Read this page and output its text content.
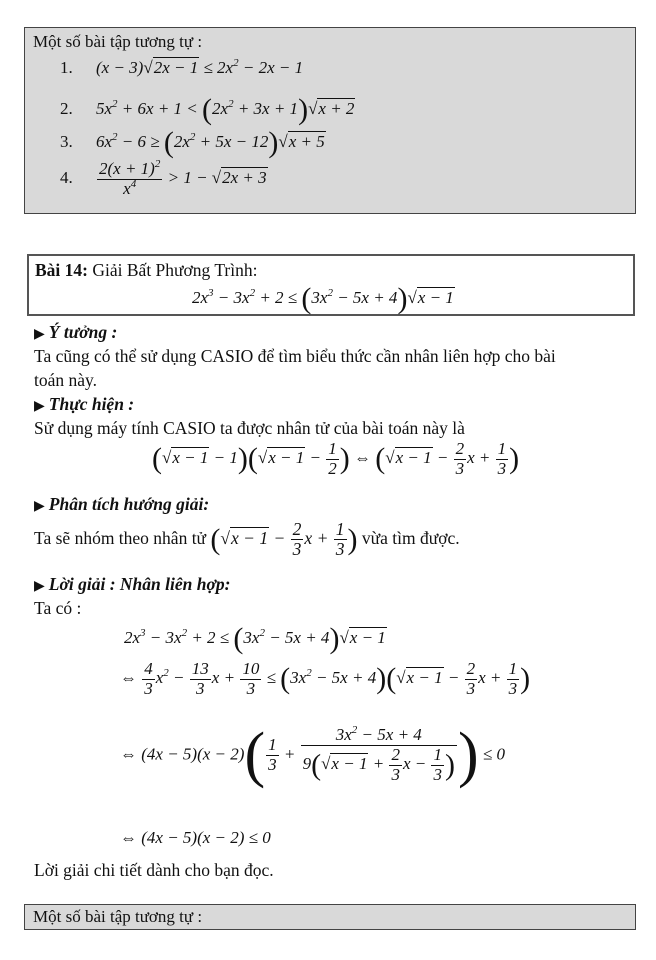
Một số bài tập tương tự :
1. $(x - 3)√2x - 1 \le 2x^2 - 2x - 1$
2. $5x^2 + 6x + 1 < (2x^2 + 3x + 1)√x + 2$
3. $6x^2 - 6 \ge (2x^2 + 5x - 12)√x + 5$
4. $\frac{2(x + 1)^2}{x^4} > 1 - √2x + 3$
Bài 14: Giải Bất Phương Trình:
$2x^3 - 3x^2 + 2 \le (3x^2 - 5x + 4)√x - 1$
▶ Ý tưởng :
Ta cũng có thể sử dụng CASIO để tìm biểu thức cần nhân liên hợp cho bài
toán này.
▶ Thực hiện :
Sử dụng máy tính CASIO ta được nhân tử của bài toán này là
$(√x - 1 - 1)(√x - 1 - \frac{1}{2}$ ) ⇔ ($√x - 1 - \frac{2}{3}$ $x + \frac{1}{3}$ )
▶ Phân tích hướng giải:
Ta sẽ nhóm theo nhân tử ($√x - 1 - \frac{2}{3}$ $x + \frac{1}{3}$ ) vừa tìm được.
▶ Lời giải : Nhân liên hợp:
Ta có :
$2x^3 - 3x^2 + 2 \le (3x^2 - 5x + 4)√x - 1$
⇔ $\frac{4}{3} x^2 - \frac{13}{3}$ $x + \frac{10}{3} \le (3x^2 - 5x + 4)(√x - 1 - \frac{2}{3}$ $x + \frac{1}{3}$ )
⇔ $(4x - 5)(x - 2)( \frac{1}{3} + \frac{3x^2 - 5x + 4}{9(√x - 1 + \frac{2}{3} x - \frac{1}{3} )}$ ) ≤ 0
⇔ (4x − 5)(x − 2) ≤ 0
Lời giải chi tiết dành cho bạn đọc.
Một số bài tập tương tự :
